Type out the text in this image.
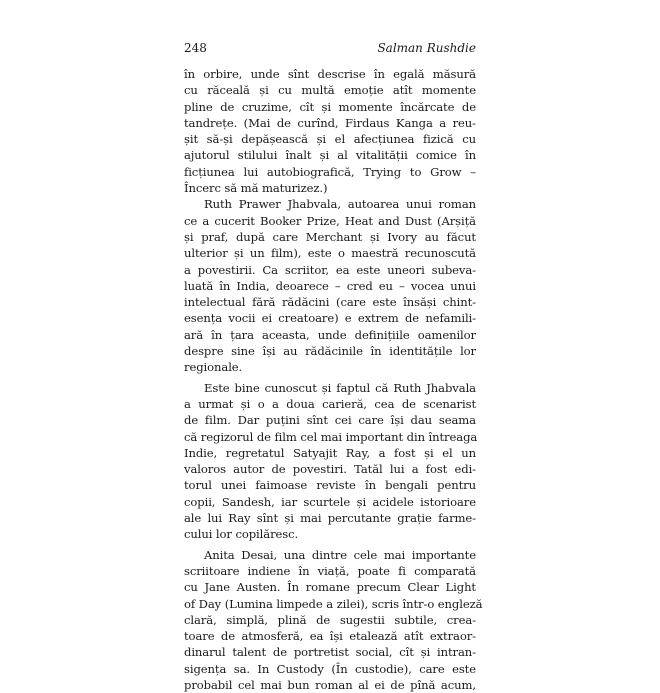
248	Salman Rushdie
în orbire, unde sînt descrise în egală măsură
cu răceală și cu multă emoție atît momente
pline de cruzime, cît și momente încărcate de
tandrețe. (Mai de curînd, Firdaus Kanga a reu-
șit să-și depășească și el afecțiunea fizică cu
ajutorul stilului înalt și al vitalității comice în
ficțiunea lui autobiografică, Trying to Grow –
Încerc să mă maturizez.)
Ruth Prawer Jhabvala, autoarea unui roman
ce a cucerit Booker Prize, Heat and Dust (Arșiță
și praf, după care Merchant și Ivory au făcut
ulterior și un film), este o maestră recunoscută
a povestirii. Ca scriitor, ea este uneori subeva-
luată în India, deoarece – cred eu – vocea unui
intelectual fără rădăcini (care este însăși chint-
esența vocii ei creatoare) e extrem de nefamili-
ară în țara aceasta, unde definițiile oamenilor
despre sine își au rădăcinile în identitățile lor
regionale.
Este bine cunoscut și faptul că Ruth Jhabvala
a urmat și o a doua carieră, cea de scenarist
de film. Dar puțini sînt cei care își dau seama
că regizorul de film cel mai important din întreaga
Indie, regretatul Satyajit Ray, a fost și el un
valoros autor de povestiri. Tatăl lui a fost edi-
torul unei faimoase reviste în bengali pentru
copii, Sandesh, iar scurtele și acidele istorioare
ale lui Ray sînt și mai percutante grație farme-
cului lor copilăresc.
Anita Desai, una dintre cele mai importante
scriitoare indiene în viață, poate fi comparată
cu Jane Austen. În romane precum Clear Light
of Day (Lumina limpede a zilei), scris într-o engleză
clară, simplă, plină de sugestii subtile, crea-
toare de atmosferă, ea își etalează atît extraor-
dinarul talent de portretist social, cît și intran-
sigența sa. In Custody (În custodie), care este
probabil cel mai bun roman al ei de pînă acum,
